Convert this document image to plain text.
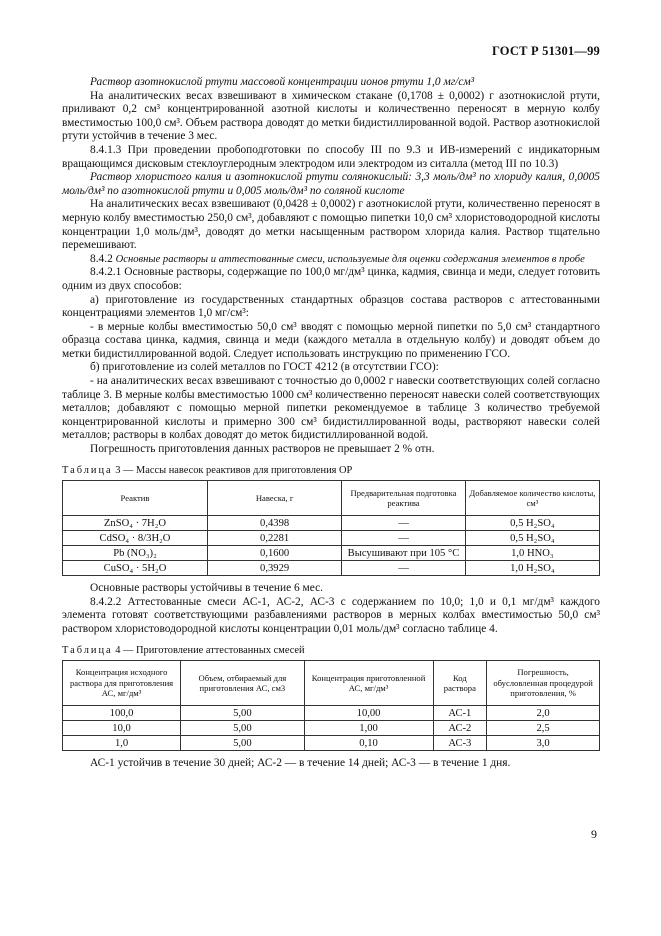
ГОСТ Р 51301—99

Раствор азотнокислой ртути массовой концентрации ионов ртути 1,0 мг/см³

На аналитических весах взвешивают в химическом стакане (0,1708 ± 0,0002) г азотнокислой ртути, приливают 0,2 см³ концентрированной азотной кислоты и количественно переносят в мерную колбу вместимостью 100,0 см³. Объем раствора доводят до метки бидистиллированной водой. Раствор азотнокислой ртути устойчив в течение 3 мес.

8.4.1.3 При проведении пробоподготовки по способу III по 9.3 и ИВ-измерений с индикаторным вращающимся дисковым стеклоуглеродным электродом или электродом из ситалла (метод III по 10.3)

Раствор хлористого калия и азотнокислой ртути солянокислый: 3,3 моль/дм³ по хлориду калия, 0,0005 моль/дм³ по азотнокислой ртути и 0,005 моль/дм³ по соляной кислоте

На аналитических весах взвешивают (0,0428 ± 0,0002) г азотнокислой ртути, количественно переносят в мерную колбу вместимостью 250,0 см³, добавляют с помощью пипетки 10,0 см³ хлористоводородной кислоты концентрации 1,0 моль/дм³, доводят до метки насыщенным раствором хлорида калия. Раствор тщательно перемешивают.

8.4.2 Основные растворы и аттестованные смеси, используемые для оценки содержания элементов в пробе

8.4.2.1 Основные растворы, содержащие по 100,0 мг/дм³ цинка, кадмия, свинца и меди, следует готовить одним из двух способов:

а) приготовление из государственных стандартных образцов состава растворов с аттестованными концентрациями элементов 1,0 мг/см³:

- в мерные колбы вместимостью 50,0 см³ вводят с помощью мерной пипетки по 5,0 см³ стандартного образца состава цинка, кадмия, свинца и меди (каждого металла в отдельную колбу) и доводят объем до метки бидистиллированной водой. Следует использовать инструкцию по применению ГСО.

б) приготовление из солей металлов по ГОСТ 4212 (в отсутствии ГСО):

- на аналитических весах взвешивают с точностью до 0,0002 г навески соответствующих солей согласно таблице 3. В мерные колбы вместимостью 1000 см³ количественно переносят навески солей соответствующих металлов; добавляют с помощью мерной пипетки рекомендуемое в таблице 3 количество требуемой концентрированной кислоты и примерно 300 см³ бидистиллированной воды, растворяют навески солей металлов; растворы в колбах доводят до меток бидистиллированной водой.

Погрешность приготовления данных растворов не превышает 2 % отн.

Таблица 3 — Массы навесок реактивов для приготовления ОР
Реактив	Навеска, г	Предварительная подготовка реактива	Добавляемое количество кислоты, см³
ZnSO₄ · 7H₂O	0,4398	—	0,5 H₂SO₄
CdSO₄ · 8/3H₂O	0,2281	—	0,5 H₂SO₄
Pb (NO₃)₂	0,1600	Высушивают при 105 °С	1,0 HNO₃
CuSO₄ · 5H₂O	0,3929	—	1,0 H₂SO₄

Основные растворы устойчивы в течение 6 мес.

8.4.2.2 Аттестованные смеси АС-1, АС-2, АС-3 с содержанием по 10,0; 1,0 и 0,1 мг/дм³ каждого элемента готовят соответствующими разбавлениями растворов в мерных колбах вместимостью 50,0 см³ раствором хлористоводородной кислоты концентрации 0,01 моль/дм³ согласно таблице 4.

Таблица 4 — Приготовление аттестованных смесей
Концентрация исходного раствора для приготовления АС, мг/дм³	Объем, отбираемый для приготовления АС, см3	Концентрация приготовленной АС, мг/дм³	Код раствора	Погрешность, обусловленная процедурой приготовления, %
100,0	5,00	10,00	АС-1	2,0
10,0	5,00	1,00	АС-2	2,5
1,0	5,00	0,10	АС-3	3,0

АС-1 устойчив в течение 30 дней; АС-2 — в течение 14 дней; АС-3 — в течение 1 дня.

9
